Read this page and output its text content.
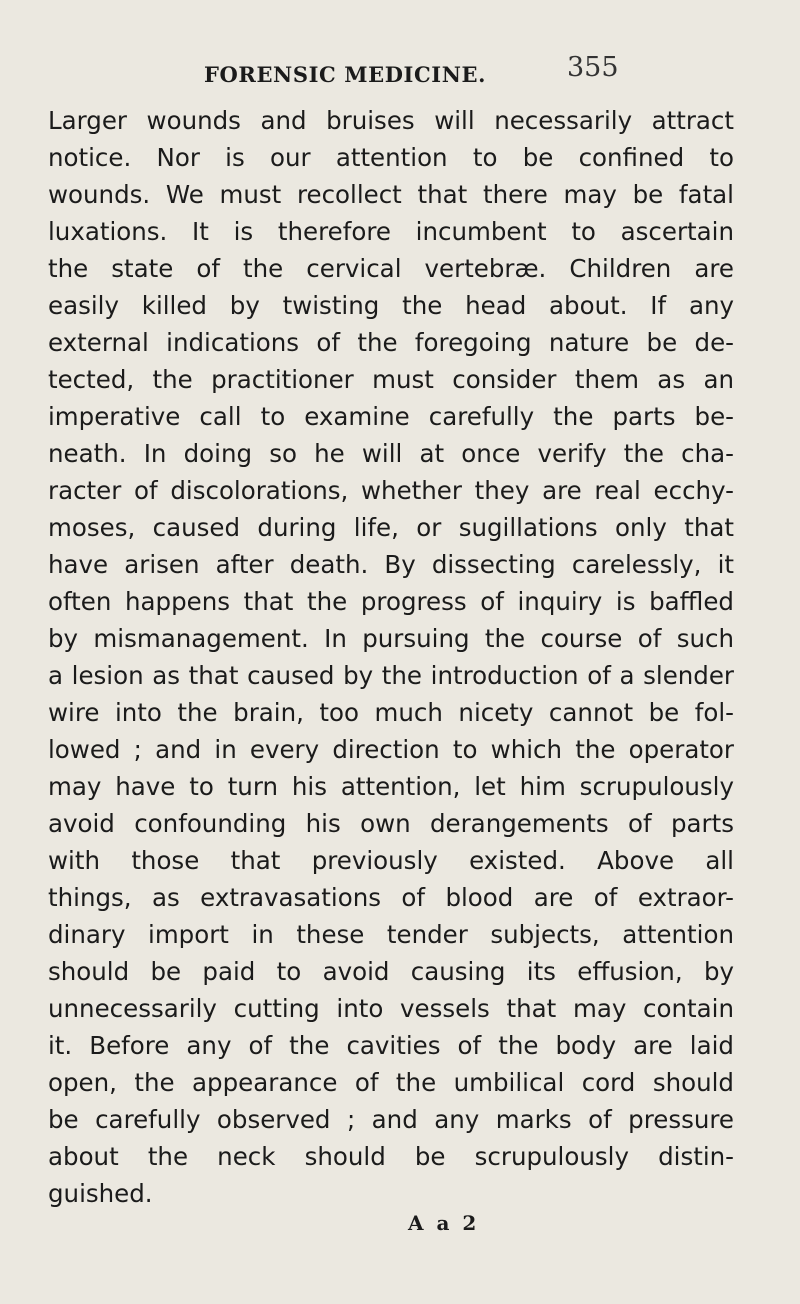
FORENSIC MEDICINE.	355
Larger wounds and bruises will necessarily attract
notice. Nor is our attention to be confined to
wounds. We must recollect that there may be fatal
luxations. It is therefore incumbent to ascertain
the state of the cervical vertebræ. Children are
easily killed by twisting the head about. If any
external indications of the foregoing nature be de-
tected, the practitioner must consider them as an
imperative call to examine carefully the parts be-
neath. In doing so he will at once verify the cha-
racter of discolorations, whether they are real ecchy-
moses, caused during life, or sugillations only that
have arisen after death. By dissecting carelessly, it
often happens that the progress of inquiry is baffled
by mismanagement. In pursuing the course of such
a lesion as that caused by the introduction of a slender
wire into the brain, too much nicety cannot be fol-
lowed ; and in every direction to which the operator
may have to turn his attention, let him scrupulously
avoid confounding his own derangements of parts
with those that previously existed. Above all
things, as extravasations of blood are of extraor-
dinary import in these tender subjects, attention
should be paid to avoid causing its effusion, by
unnecessarily cutting into vessels that may contain
it. Before any of the cavities of the body are laid
open, the appearance of the umbilical cord should
be carefully observed ; and any marks of pressure
about the neck should be scrupulously distin-
guished.
A a 2
